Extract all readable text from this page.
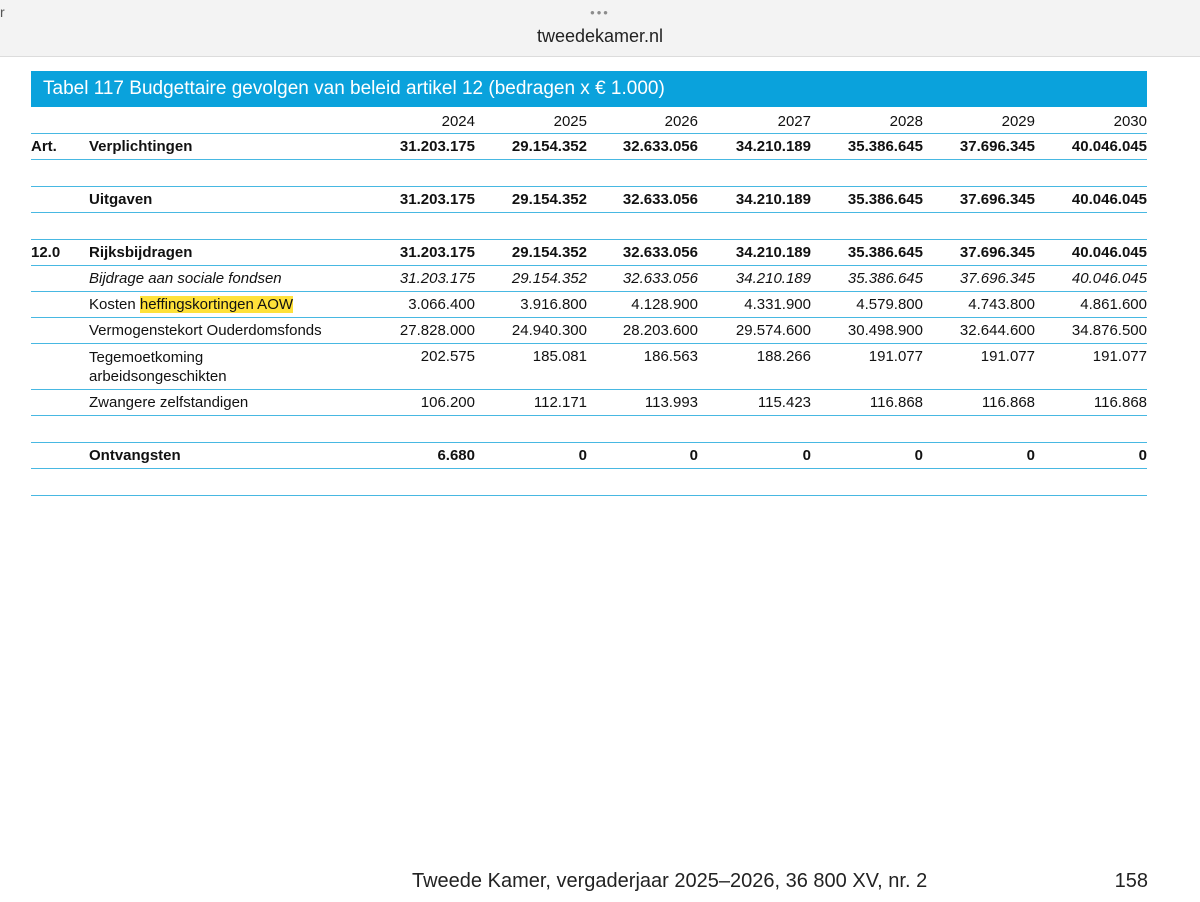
r	•••
tweedekamer.nl
Tabel 117 Budgettaire gevolgen van beleid artikel 12 (bedragen x € 1.000)
		2024	2025	2026	2027	2028	2029	2030
Art.	Verplichtingen	31.203.175	29.154.352	32.633.056	34.210.189	35.386.645	37.696.345	40.046.045

	Uitgaven	31.203.175	29.154.352	32.633.056	34.210.189	35.386.645	37.696.345	40.046.045

12.0	Rijksbijdragen	31.203.175	29.154.352	32.633.056	34.210.189	35.386.645	37.696.345	40.046.045
	Bijdrage aan sociale fondsen	31.203.175	29.154.352	32.633.056	34.210.189	35.386.645	37.696.345	40.046.045
	Kosten heffingskortingen AOW	3.066.400	3.916.800	4.128.900	4.331.900	4.579.800	4.743.800	4.861.600
	Vermogenstekort Ouderdomsfonds	27.828.000	24.940.300	28.203.600	29.574.600	30.498.900	32.644.600	34.876.500

	Tegemoetkoming
arbeidsongeschikten	202.575	185.081	186.563	188.266	191.077	191.077	191.077
	Zwangere zelfstandigen	106.200	112.171	113.993	115.423	116.868	116.868	116.868

	Ontvangsten	6.680	0	0	0	0	0	0

Tweede Kamer, vergaderjaar 2025–2026, 36 800 XV, nr. 2	158
